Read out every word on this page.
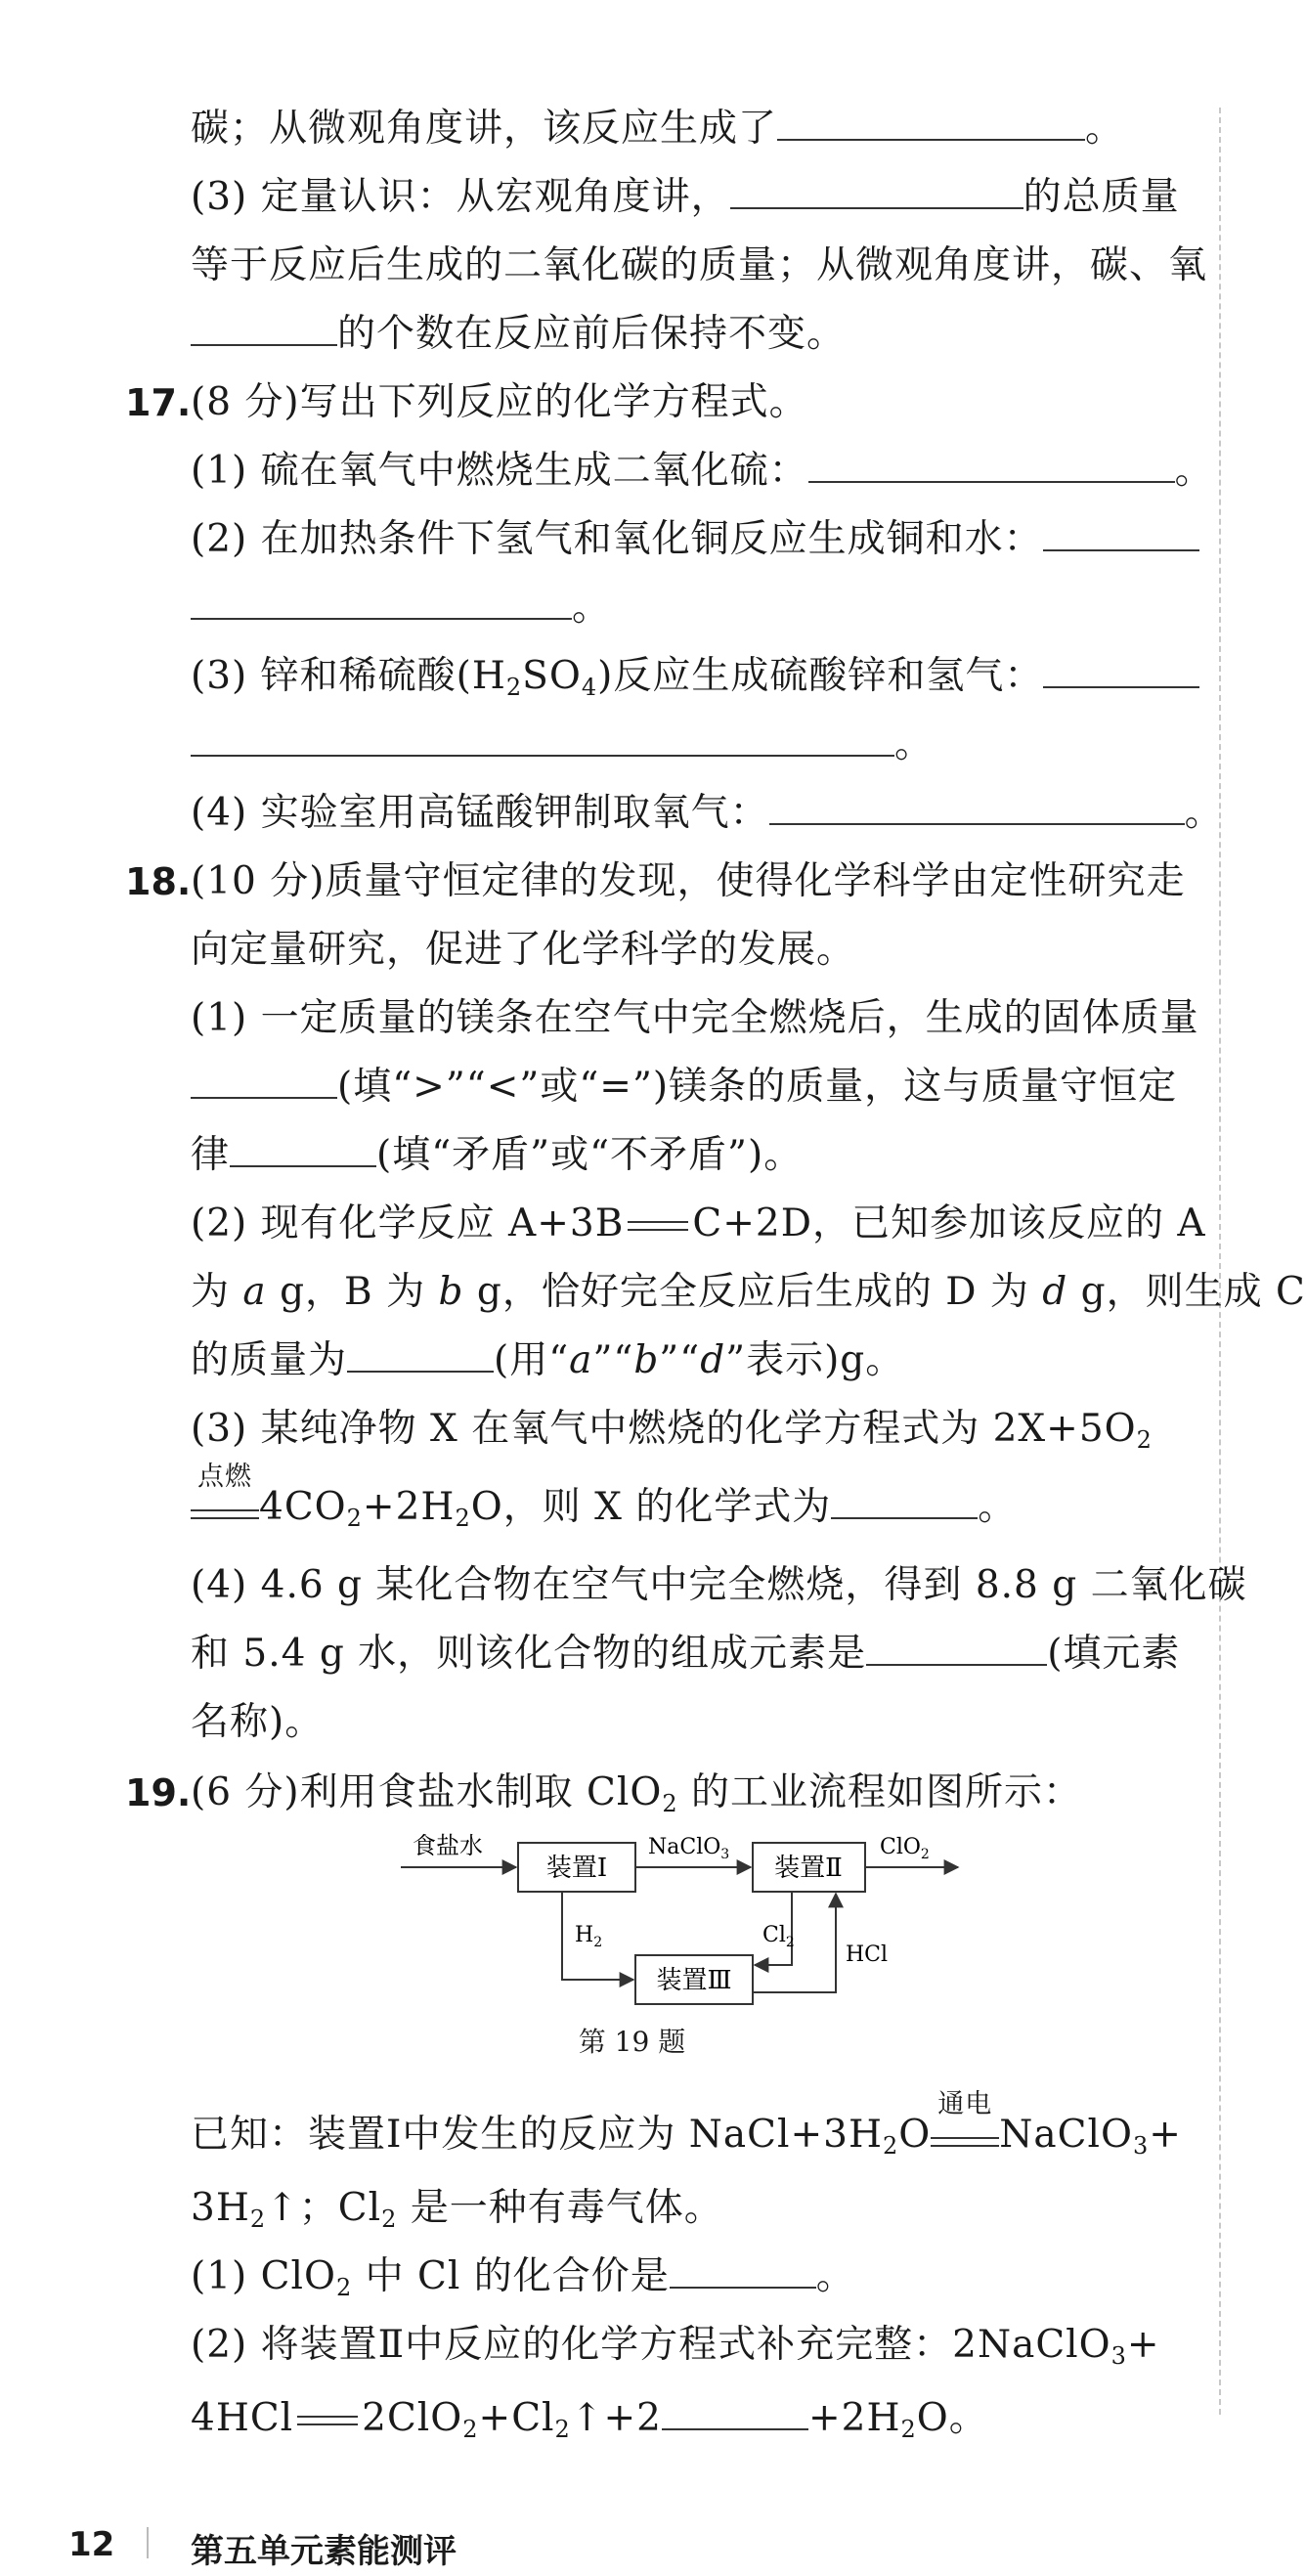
碳；从微观角度讲，该反应生成了	。
(3) 定量认识：从宏观角度讲，	的总质量
等于反应后生成的二氧化碳的质量；从微观角度讲，碳、氧
的个数在反应前后保持不变。
17. (8 分)写出下列反应的化学方程式。
(1) 硫在氧气中燃烧生成二氧化硫：	。
(2) 在加热条件下氢气和氧化铜反应生成铜和水：
。
(3) 锌和稀硫酸$(H_2SO_4)$反应生成硫酸锌和氢气：
。
(4) 实验室用高锰酸钾制取氧气：	。
18. (10 分)质量守恒定律的发现，使得化学科学由定性研究走
向定量研究，促进了化学科学的发展。
(1) 一定质量的镁条在空气中完全燃烧后，生成的固体质量
(填“>”“<”或“=”)镁条的质量，这与质量守恒定
律	(填“矛盾”或“不矛盾”)。
(2) 现有化学反应 A+3B C+2D，已知参加该反应的 A
为 a g，B 为 b g，恰好完全反应后生成的 D 为 d g，则生成 C
的质量为	(用“a”“b”“d”表示)g。
(3) 某纯净物 X 在氧气中燃烧的化学方程式为 $2X+5O_2$
点燃
$4CO_2+2H_2O$，则 X 的化学式为	。
(4) 4.6 g 某化合物在空气中完全燃烧，得到 8.8 g 二氧化碳
和 5.4 g 水，则该化合物的组成元素是	(填元素
名称)。
19. (6 分)利用食盐水制取 ClO$_2$ 的工业流程如图所示：
食盐水
装置Ⅰ
NaClO$_3$ 装置Ⅱ
ClO$_2$
$H_2$
装置Ⅲ
$Cl_2$ HCl
第 19 题
已知：装置Ⅰ中发生的反应为 $NaCl+3H_2O$
通电
NaClO$_3$+
$3H_2↑$；$Cl_2$ 是一种有毒气体。
(1) ClO$_2$ 中 Cl 的化合价是	。
(2) 将装置Ⅱ中反应的化学方程式补充完整：2NaClO$_3$+
4HCl $2ClO_2+Cl_2↑+2$	$+2H_2O$。
12 第五单元素能测评
